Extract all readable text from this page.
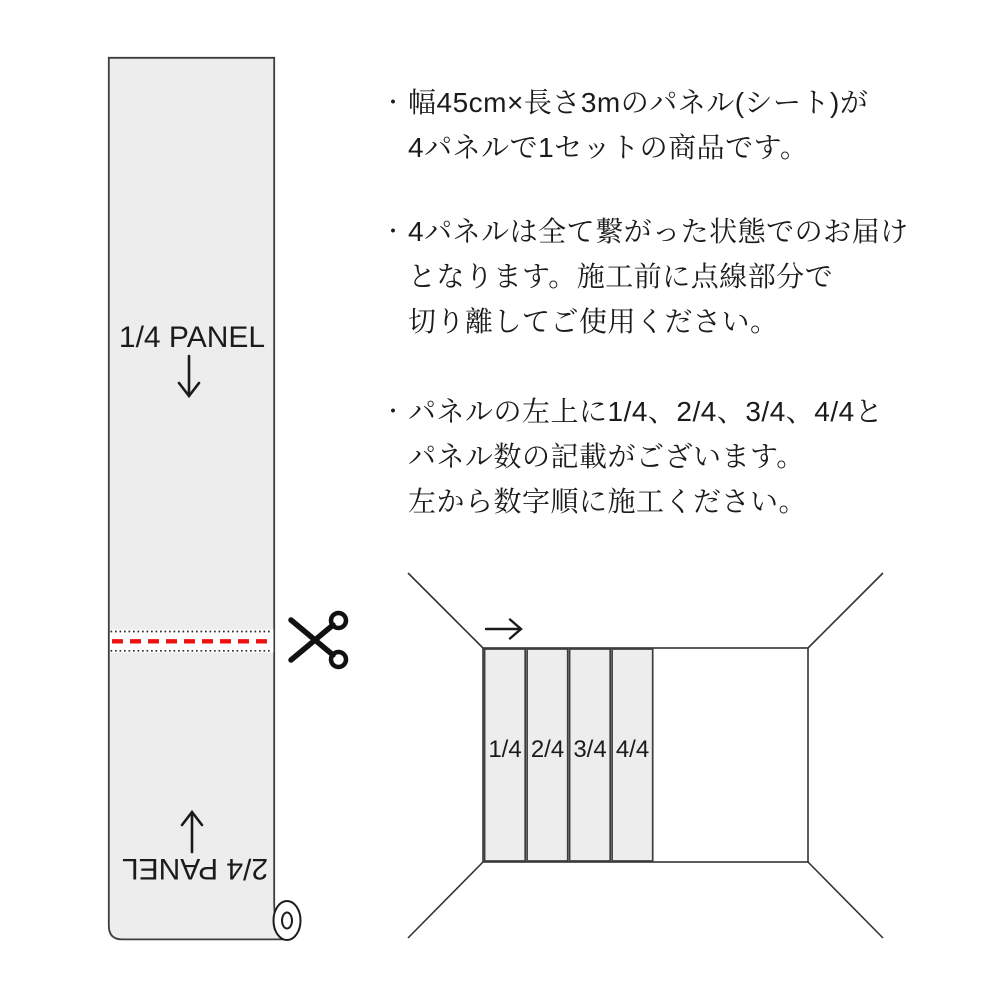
1/4 PANEL
2/4 PANEL
1/4 2/4 3/4 4/4
・ 幅45cm×長さ3mのパネル(シート)が
4パネルで1セットの商品です。
・ 4パネルは全て繋がった状態でのお届け
となります。施工前に点線部分で
切り離してご使用ください。
・ パネルの左上に1/4、2/4、3/4、4/4と
パネル数の記載がございます。
左から数字順に施工ください。
